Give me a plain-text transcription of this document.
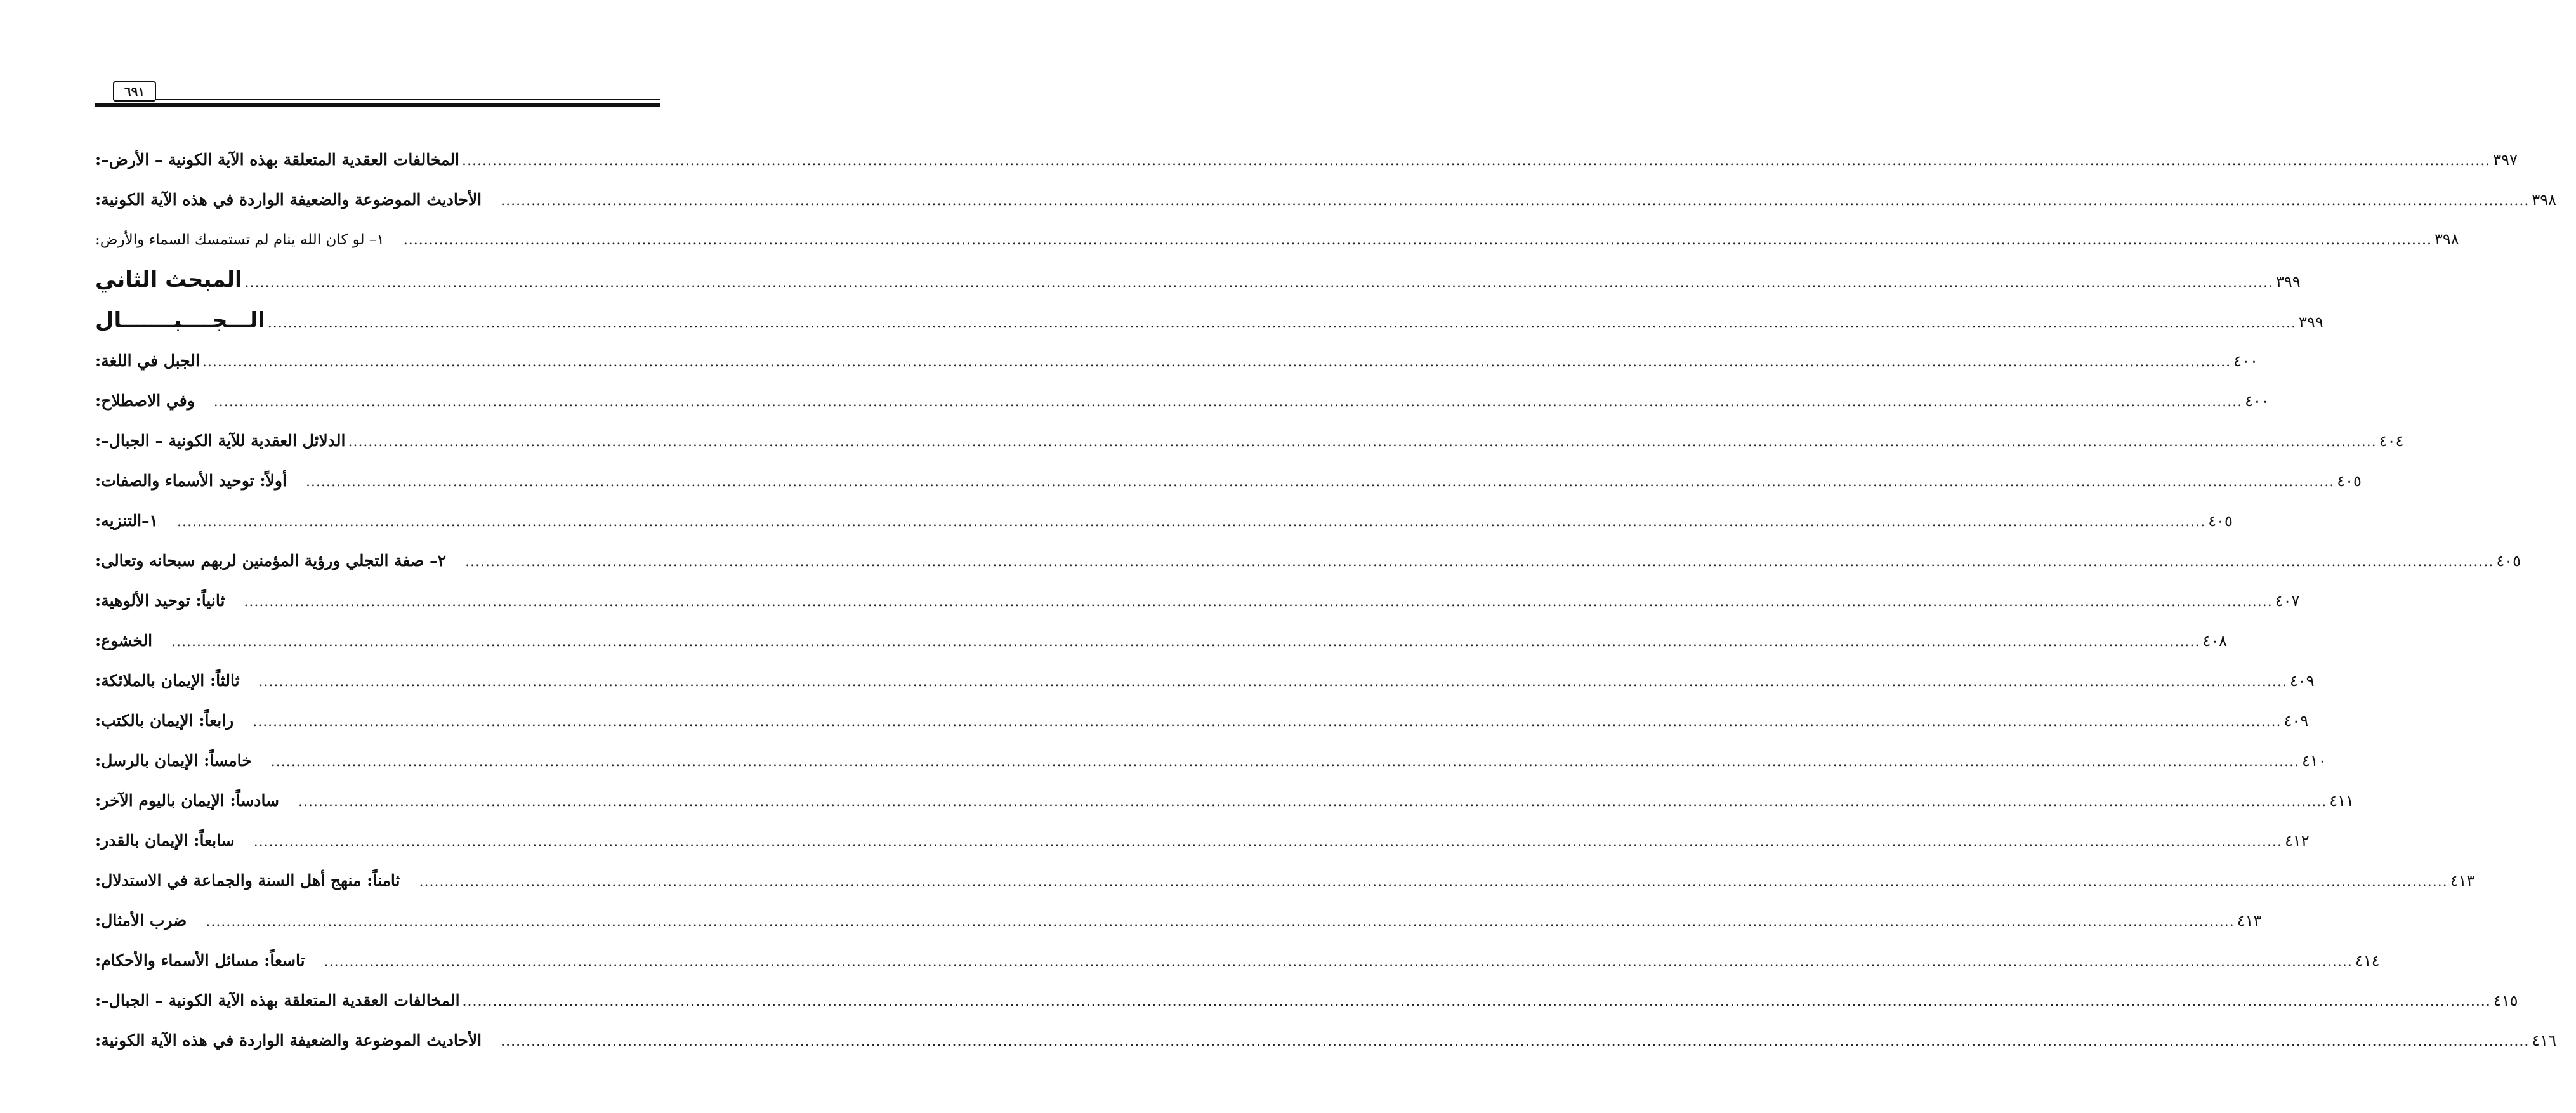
٦٩١
المخالفات العقدية المتعلقة بهذه الآية الكونية – الأرض–: ................................................................................................................................................................................................................................................................................................................................................................................................................ ٣٩٧
الأحاديث الموضوعة والضعيفة الواردة في هذه الآية الكونية: ................................................................................................................................................................................................................................................................................................................................................................................................................ ٣٩٨
١– لو كان الله ينام لم تستمسك السماء والأرض: ................................................................................................................................................................................................................................................................................................................................................................................................................ ٣٩٨
المبحث الثاني ................................................................................................................................................................................................................................................................................................................................................................................................................ ٣٩٩
الـــجــــبـــــــال ................................................................................................................................................................................................................................................................................................................................................................................................................ ٣٩٩
الجبل في اللغة: ................................................................................................................................................................................................................................................................................................................................................................................................................ ٤٠٠
وفي الاصطلاح: ................................................................................................................................................................................................................................................................................................................................................................................................................ ٤٠٠
الدلائل العقدية للآية الكونية – الجبال–: ................................................................................................................................................................................................................................................................................................................................................................................................................ ٤٠٤
أولاً: توحيد الأسماء والصفات: ................................................................................................................................................................................................................................................................................................................................................................................................................ ٤٠٥
١–التنزيه: ................................................................................................................................................................................................................................................................................................................................................................................................................ ٤٠٥
٢– صفة التجلي ورؤية المؤمنين لربهم سبحانه وتعالى: ................................................................................................................................................................................................................................................................................................................................................................................................................ ٤٠٥
ثانياً: توحيد الألوهية: ................................................................................................................................................................................................................................................................................................................................................................................................................ ٤٠٧
الخشوع: ................................................................................................................................................................................................................................................................................................................................................................................................................ ٤٠٨
ثالثاً: الإيمان بالملائكة: ................................................................................................................................................................................................................................................................................................................................................................................................................ ٤٠٩
رابعاً: الإيمان بالكتب: ................................................................................................................................................................................................................................................................................................................................................................................................................ ٤٠٩
خامساً: الإيمان بالرسل: ................................................................................................................................................................................................................................................................................................................................................................................................................ ٤١٠
سادساً: الإيمان باليوم الآخر: ................................................................................................................................................................................................................................................................................................................................................................................................................ ٤١١
سابعاً: الإيمان بالقدر: ................................................................................................................................................................................................................................................................................................................................................................................................................ ٤١٢
ثامناً: منهج أهل السنة والجماعة في الاستدلال: ................................................................................................................................................................................................................................................................................................................................................................................................................ ٤١٣
ضرب الأمثال: ................................................................................................................................................................................................................................................................................................................................................................................................................ ٤١٣
تاسعاً: مسائل الأسماء والأحكام: ................................................................................................................................................................................................................................................................................................................................................................................................................ ٤١٤
المخالفات العقدية المتعلقة بهذه الآية الكونية – الجبال–: ................................................................................................................................................................................................................................................................................................................................................................................................................ ٤١٥
الأحاديث الموضوعة والضعيفة الواردة في هذه الآية الكونية: ................................................................................................................................................................................................................................................................................................................................................................................................................ ٤١٦
